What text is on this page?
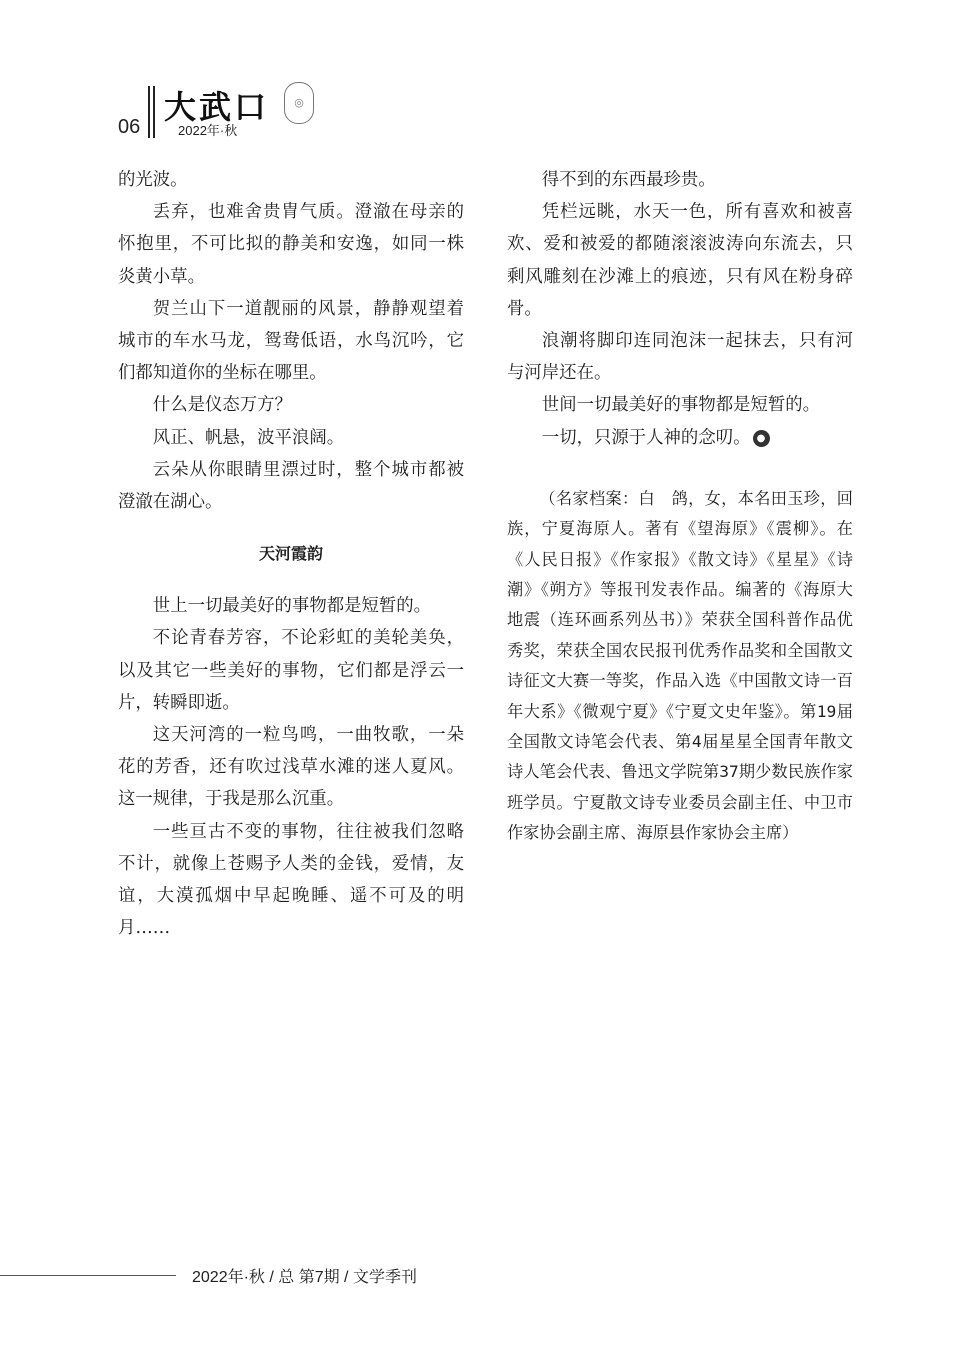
06
大武口	◎
2022年·秋

的光波。

丢弃，也难舍贵胄气质。澄澈在母亲的怀抱里，不可比拟的静美和安逸，如同一株炎黄小草。

贺兰山下一道靓丽的风景，静静观望着城市的车水马龙，鸳鸯低语，水鸟沉吟，它们都知道你的坐标在哪里。

什么是仪态万方？

风正、帆悬，波平浪阔。

云朵从你眼睛里漂过时，整个城市都被澄澈在湖心。

天河霞韵

世上一切最美好的事物都是短暂的。

不论青春芳容，不论彩虹的美轮美奂，以及其它一些美好的事物，它们都是浮云一片，转瞬即逝。

这天河湾的一粒鸟鸣，一曲牧歌，一朵花的芳香，还有吹过浅草水滩的迷人夏风。这一规律，于我是那么沉重。

一些亘古不变的事物，往往被我们忽略不计，就像上苍赐予人类的金钱，爱情，友谊，大漠孤烟中早起晚睡、遥不可及的明月……

得不到的东西最珍贵。

凭栏远眺，水天一色，所有喜欢和被喜欢、爱和被爱的都随滚滚波涛向东流去，只剩风雕刻在沙滩上的痕迹，只有风在粉身碎骨。

浪潮将脚印连同泡沫一起抹去，只有河与河岸还在。

世间一切最美好的事物都是短暂的。

一切，只源于人神的念叨。 ●

（名家档案：白　鸽，女，本名田玉珍，回族，宁夏海原人。著有《望海原》《震柳》。在《人民日报》《作家报》《散文诗》《星星》《诗潮》《朔方》等报刊发表作品。编著的《海原大地震（连环画系列丛书）》荣获全国科普作品优秀奖，荣获全国农民报刊优秀作品奖和全国散文诗征文大赛一等奖，作品入选《中国散文诗一百年大系》《微观宁夏》《宁夏文史年鉴》。第19届全国散文诗笔会代表、第4届星星全国青年散文诗人笔会代表、鲁迅文学院第37期少数民族作家班学员。宁夏散文诗专业委员会副主任、中卫市作家协会副主席、海原县作家协会主席）

2022年·秋 / 总 第7期 / 文学季刊
